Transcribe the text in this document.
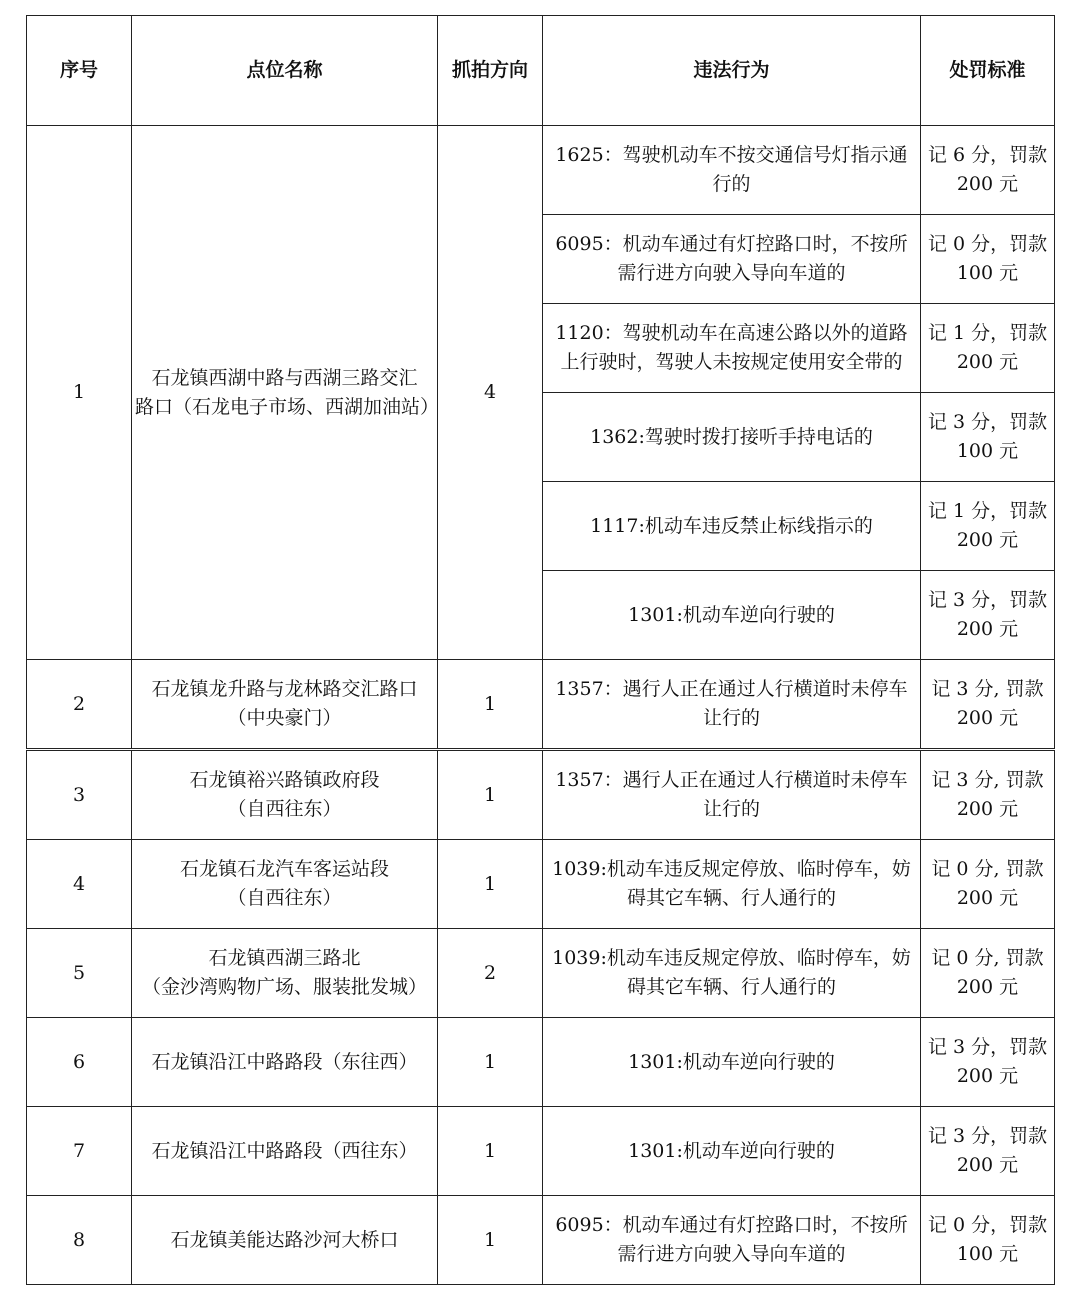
序号	点位名称	抓拍方向	违法行为	处罚标准
1	石龙镇西湖中路与西湖三路交汇
路口（石龙电子市场、西湖加油站）	4	1625：驾驶机动车不按交通信号灯指示通
行的	记 6 分，罚款
200 元

			6095：机动车通过有灯控路口时，不按所
需行进方向驶入导向车道的	记 0 分，罚款
100 元

			1120：驾驶机动车在高速公路以外的道路
上行驶时，驾驶人未按规定使用安全带的	记 1 分，罚款
200 元

			1362:驾驶时拨打接听手持电话的	记 3 分，罚款
100 元

			1117:机动车违反禁止标线指示的	记 1 分，罚款
200 元

			1301:机动车逆向行驶的	记 3 分，罚款
200 元

2	石龙镇龙升路与龙林路交汇路口
（中央豪门）	1	1357：遇行人正在通过人行横道时未停车
让行的	记 3 分, 罚款
200 元

3	石龙镇裕兴路镇政府段
（自西往东）	1	1357：遇行人正在通过人行横道时未停车
让行的	记 3 分, 罚款
200 元

4	石龙镇石龙汽车客运站段
（自西往东）	1	1039:机动车违反规定停放、临时停车，妨
碍其它车辆、行人通行的	记 0 分, 罚款
200 元

5	石龙镇西湖三路北
（金沙湾购物广场、服装批发城）	2	1039:机动车违反规定停放、临时停车，妨
碍其它车辆、行人通行的	记 0 分, 罚款
200 元

6	石龙镇沿江中路路段（东往西）	1	1301:机动车逆向行驶的	记 3 分，罚款
200 元

7	石龙镇沿江中路路段（西往东）	1	1301:机动车逆向行驶的	记 3 分，罚款
200 元

8	石龙镇美能达路沙河大桥口	1	6095：机动车通过有灯控路口时，不按所
需行进方向驶入导向车道的	记 0 分，罚款
100 元
